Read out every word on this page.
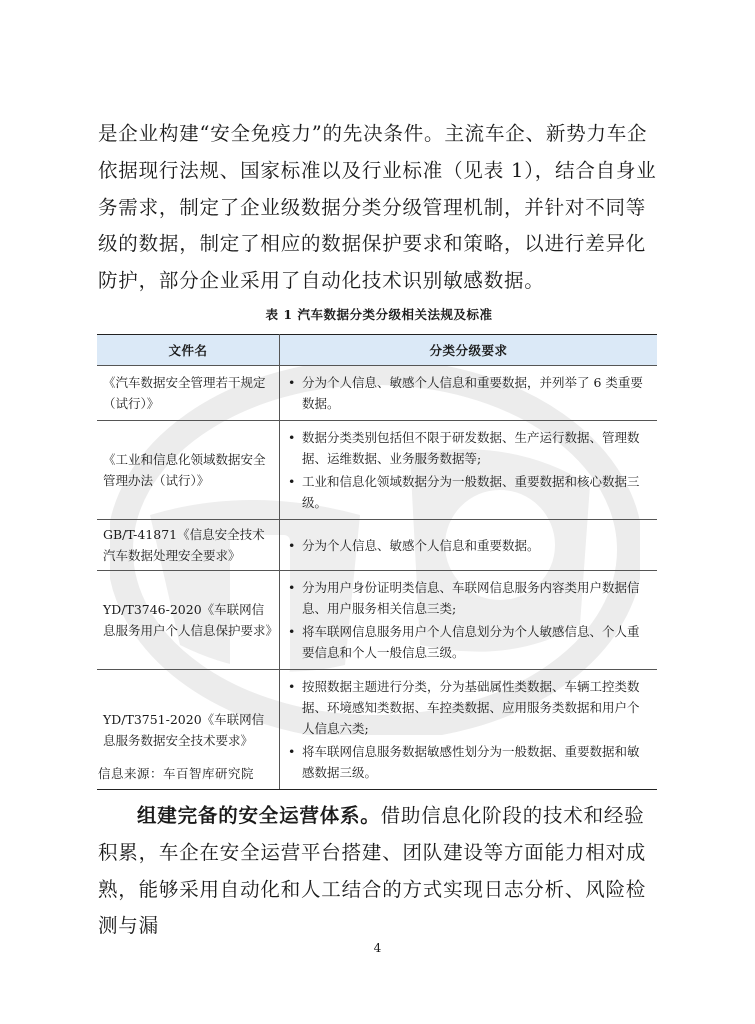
是企业构建“安全免疫力”的先决条件。主流车企、新势力车企依据现行法规、国家标准以及行业标准（见表 1），结合自身业务需求，制定了企业级数据分类分级管理机制，并针对不同等级的数据，制定了相应的数据保护要求和策略，以进行差异化防护，部分企业采用了自动化技术识别敏感数据。

表 1 汽车数据分类分级相关法规及标准
文件名	分类分级要求
《汽车数据安全管理若干规定（试行）》	• 分为个人信息、敏感个人信息和重要数据，并列举了 6 类重要数据。

《工业和信息化领域数据安全管理办法（试行）》	• 数据分类类别包括但不限于研发数据、生产运行数据、管理数据、运维数据、业务服务数据等;
• 工业和信息化领域数据分为一般数据、重要数据和核心数据三级。

GB/T-41871《信息安全技术汽车数据处理安全要求》	• 分为个人信息、敏感个人信息和重要数据。

YD/T3746-2020《车联网信息服务用户个人信息保护要求》	• 分为用户身份证明类信息、车联网信息服务内容类用户数据信息、用户服务相关信息三类;
• 将车联网信息服务用户个人信息划分为个人敏感信息、个人重要信息和个人一般信息三级。

YD/T3751-2020《车联网信息服务数据安全技术要求》	• 按照数据主题进行分类，分为基础属性类数据、车辆工控类数据、环境感知类数据、车控类数据、应用服务类数据和用户个人信息六类;
• 将车联网信息服务数据敏感性划分为一般数据、重要数据和敏感数据三级。
信息来源：车百智库研究院

组建完备的安全运营体系。借助信息化阶段的技术和经验积累，车企在安全运营平台搭建、团队建设等方面能力相对成熟，能够采用自动化和人工结合的方式实现日志分析、风险检测与漏

4
